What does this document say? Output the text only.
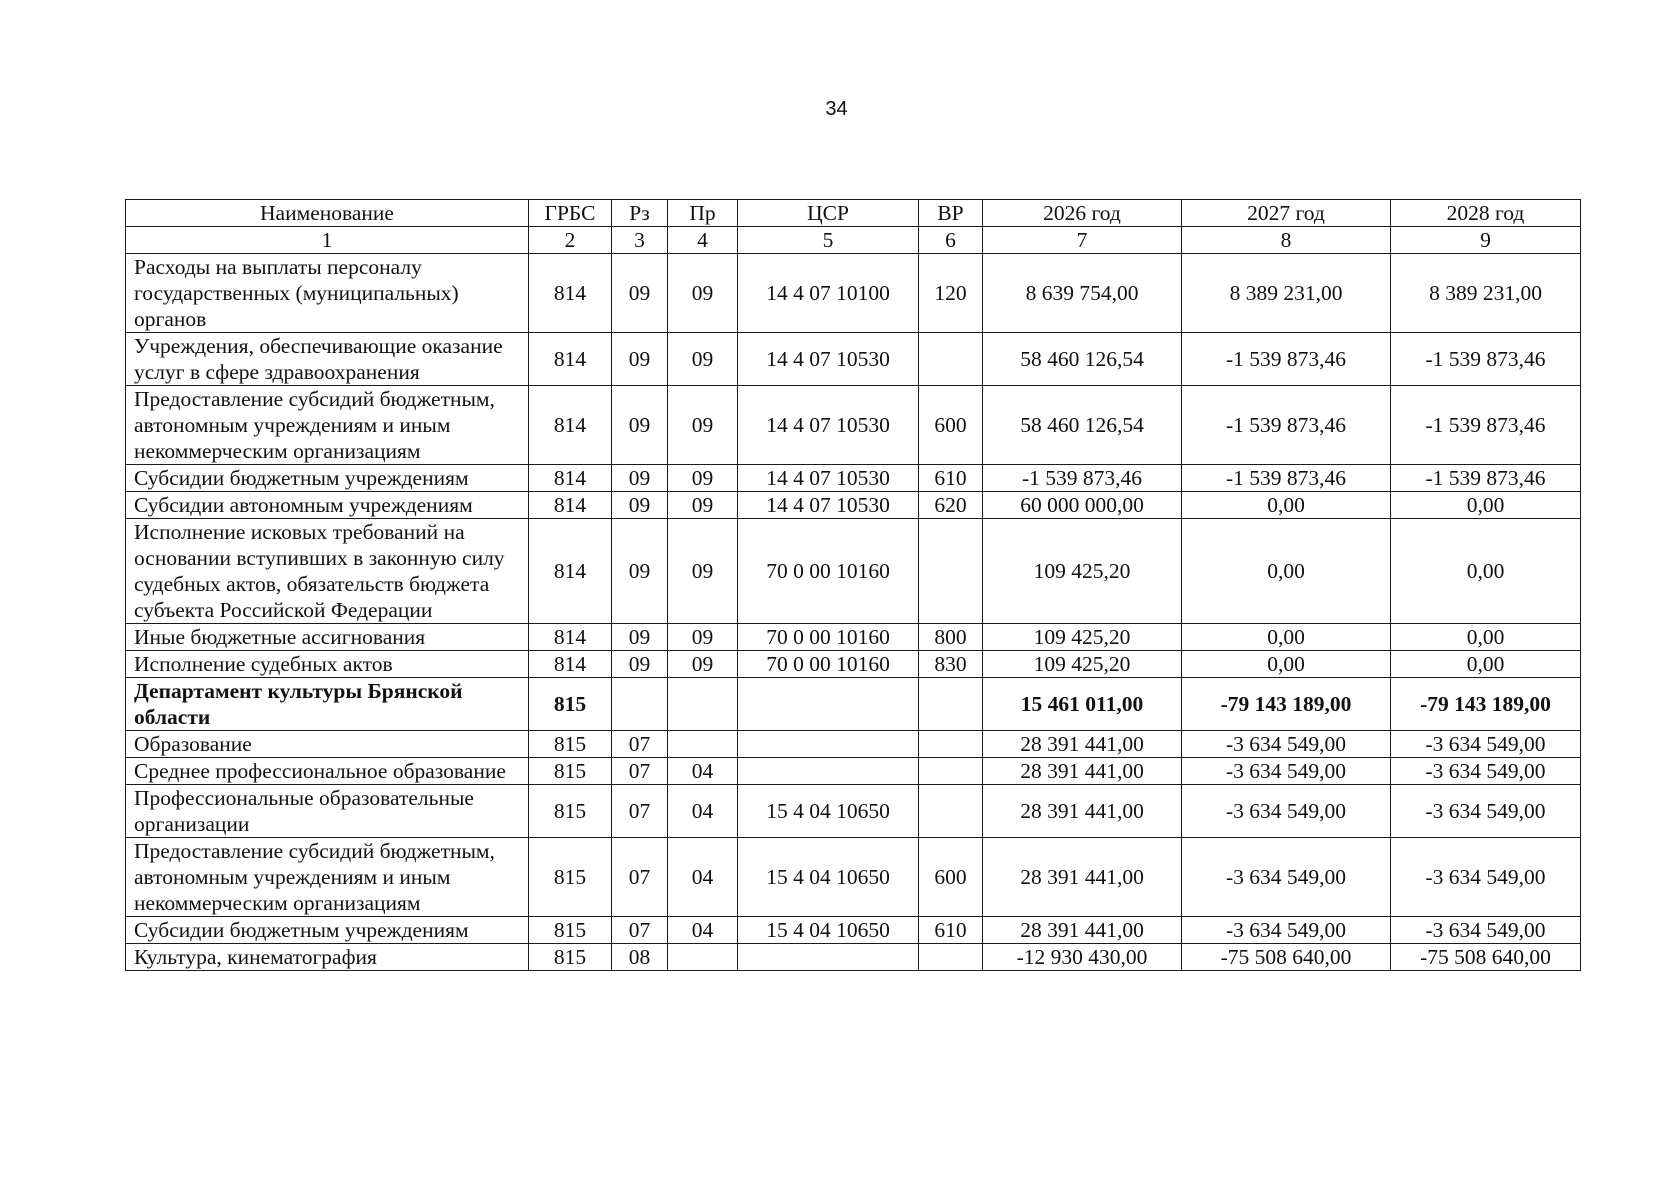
34
Наименование	ГРБС	Рз	Пр	ЦСР	ВР	2026 год	2027 год	2028 год
1	2	3	4	5	6	7	8	9
Расходы на выплаты персоналу государственных (муниципальных) органов	814	09	09	14 4 07 10100	120	8 639 754,00	8 389 231,00	8 389 231,00
Учреждения, обеспечивающие оказание услуг в сфере здравоохранения	814	09	09	14 4 07 10530		58 460 126,54	-1 539 873,46	-1 539 873,46
Предоставление субсидий бюджетным, автономным учреждениям и иным некоммерческим организациям	814	09	09	14 4 07 10530	600	58 460 126,54	-1 539 873,46	-1 539 873,46
Субсидии бюджетным учреждениям	814	09	09	14 4 07 10530	610	-1 539 873,46	-1 539 873,46	-1 539 873,46
Субсидии автономным учреждениям	814	09	09	14 4 07 10530	620	60 000 000,00	0,00	0,00
Исполнение исковых требований на основании вступивших в законную силу судебных актов, обязательств бюджета субъекта Российской Федерации	814	09	09	70 0 00 10160		109 425,20	0,00	0,00
Иные бюджетные ассигнования	814	09	09	70 0 00 10160	800	109 425,20	0,00	0,00
Исполнение судебных актов	814	09	09	70 0 00 10160	830	109 425,20	0,00	0,00
Департамент культуры Брянской области	815					15 461 011,00	-79 143 189,00	-79 143 189,00
Образование	815	07				28 391 441,00	-3 634 549,00	-3 634 549,00
Среднее профессиональное образование	815	07	04			28 391 441,00	-3 634 549,00	-3 634 549,00
Профессиональные образовательные организации	815	07	04	15 4 04 10650		28 391 441,00	-3 634 549,00	-3 634 549,00
Предоставление субсидий бюджетным, автономным учреждениям и иным некоммерческим организациям	815	07	04	15 4 04 10650	600	28 391 441,00	-3 634 549,00	-3 634 549,00
Субсидии бюджетным учреждениям	815	07	04	15 4 04 10650	610	28 391 441,00	-3 634 549,00	-3 634 549,00
Культура, кинематография	815	08				-12 930 430,00	-75 508 640,00	-75 508 640,00
